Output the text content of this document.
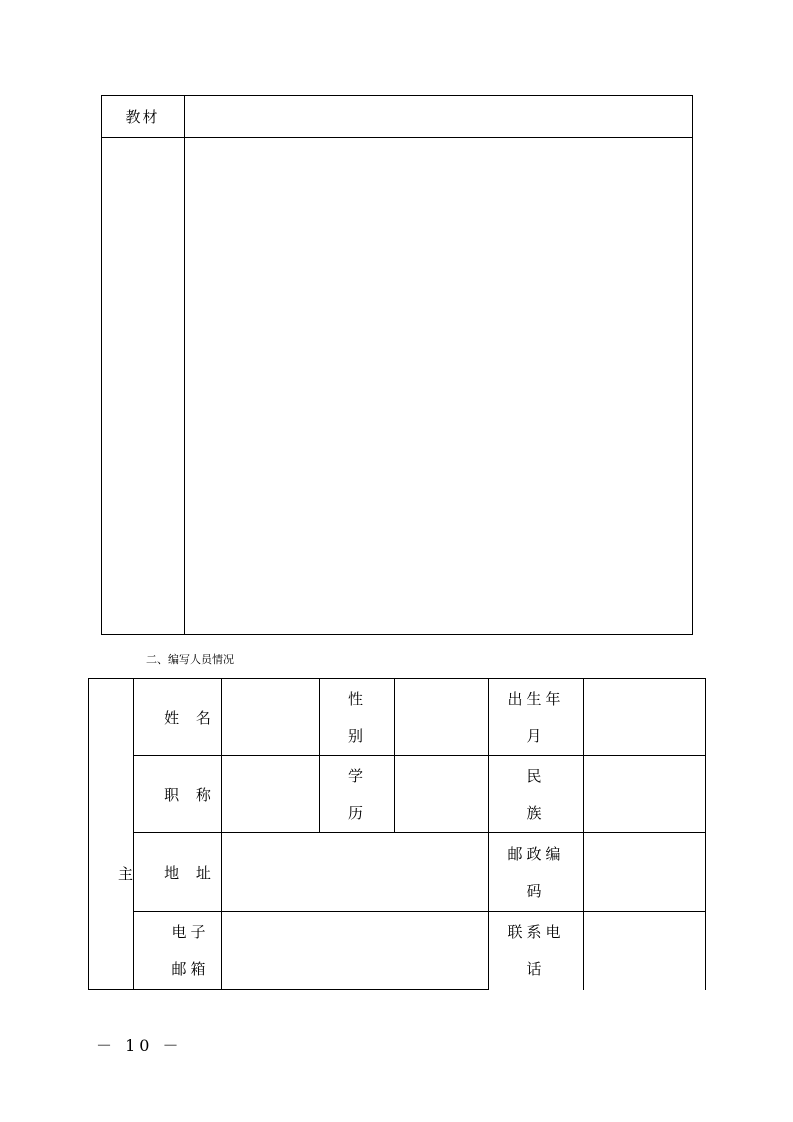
教材
二、编写人员情况
主
姓 名
性
别
出生年
月
职 称
学
历
民
族
地 址
邮政编
码
电子
邮箱
联系电
话
－ 10 －
